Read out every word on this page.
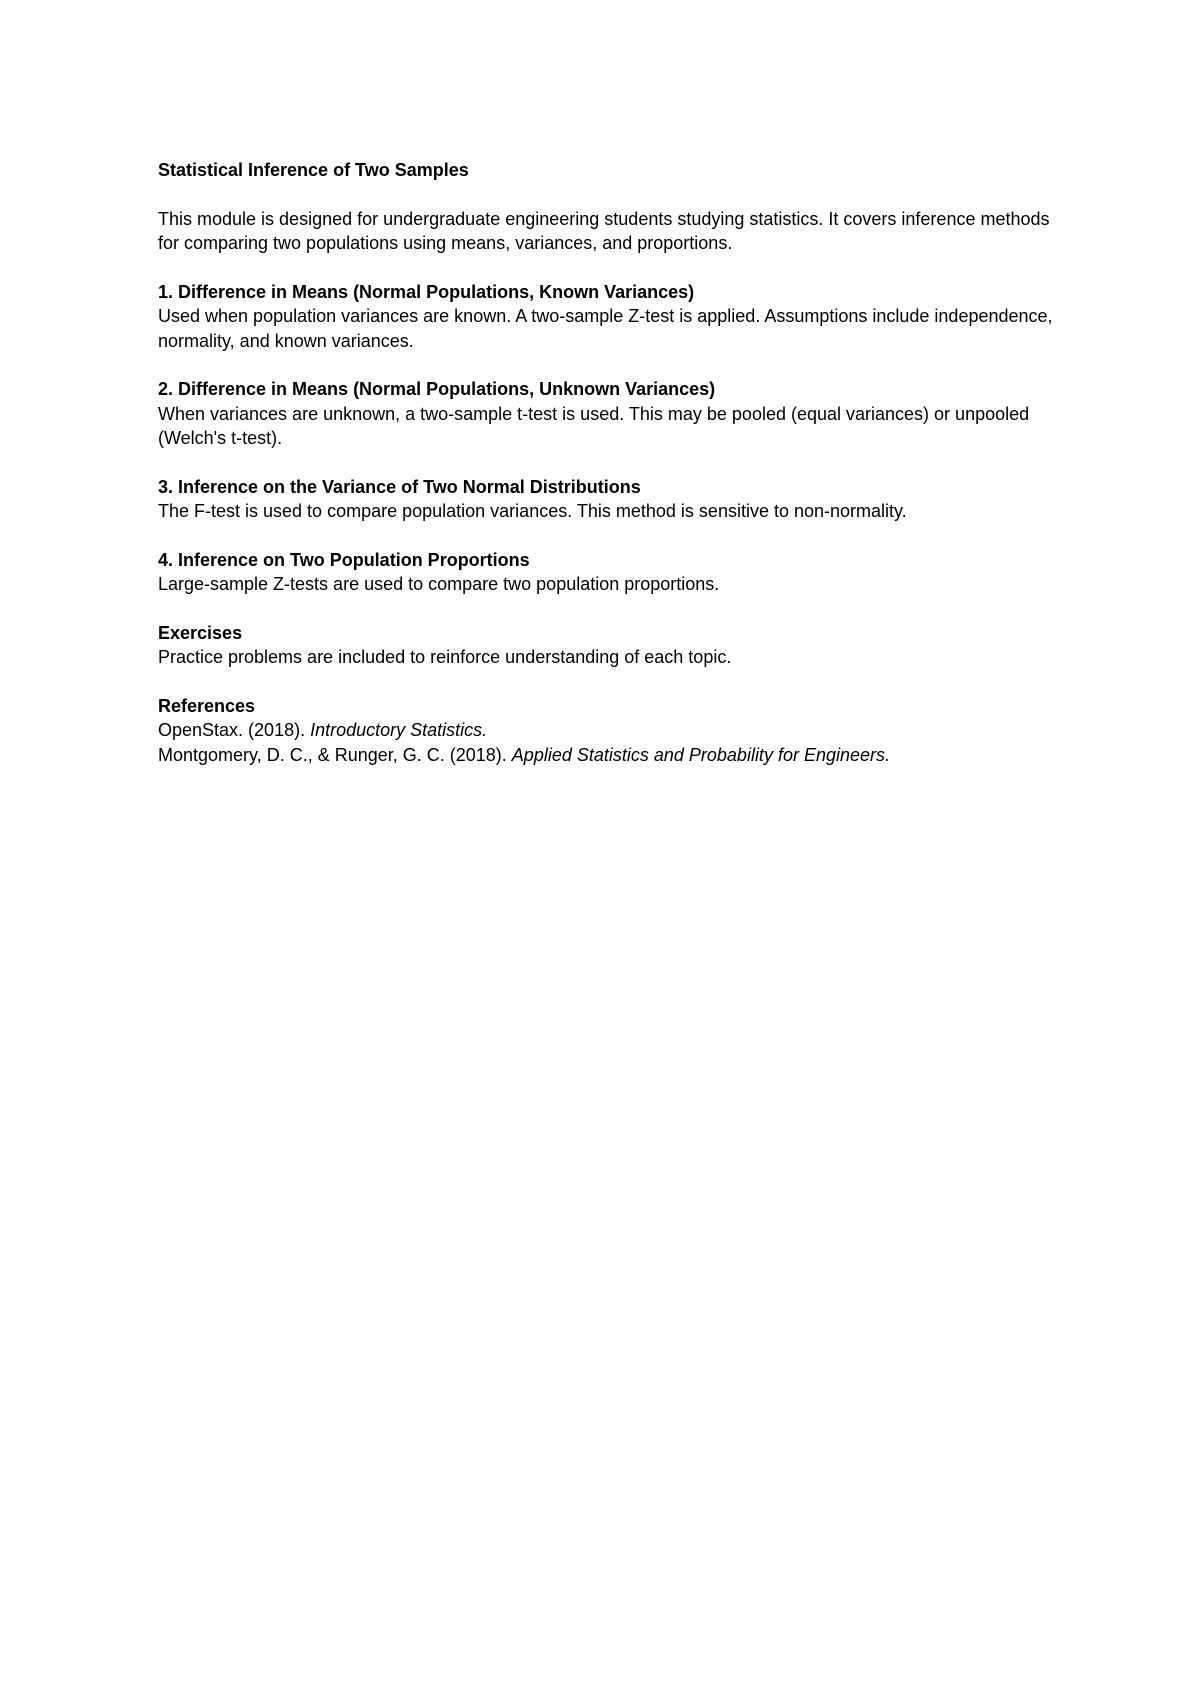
Statistical Inference of Two Samples

This module is designed for undergraduate engineering students studying statistics. It covers inference methods for comparing two populations using means, variances, and proportions.

1. Difference in Means (Normal Populations, Known Variances)

Used when population variances are known. A two-sample Z-test is applied. Assumptions include independence, normality, and known variances.

2. Difference in Means (Normal Populations, Unknown Variances)

When variances are unknown, a two-sample t-test is used. This may be pooled (equal variances) or unpooled (Welch's t-test).

3. Inference on the Variance of Two Normal Distributions

The F-test is used to compare population variances. This method is sensitive to non-normality.

4. Inference on Two Population Proportions

Large-sample Z-tests are used to compare two population proportions.

Exercises

Practice problems are included to reinforce understanding of each topic.

References

OpenStax. (2018). Introductory Statistics.

Montgomery, D. C., & Runger, G. C. (2018). Applied Statistics and Probability for Engineers.
